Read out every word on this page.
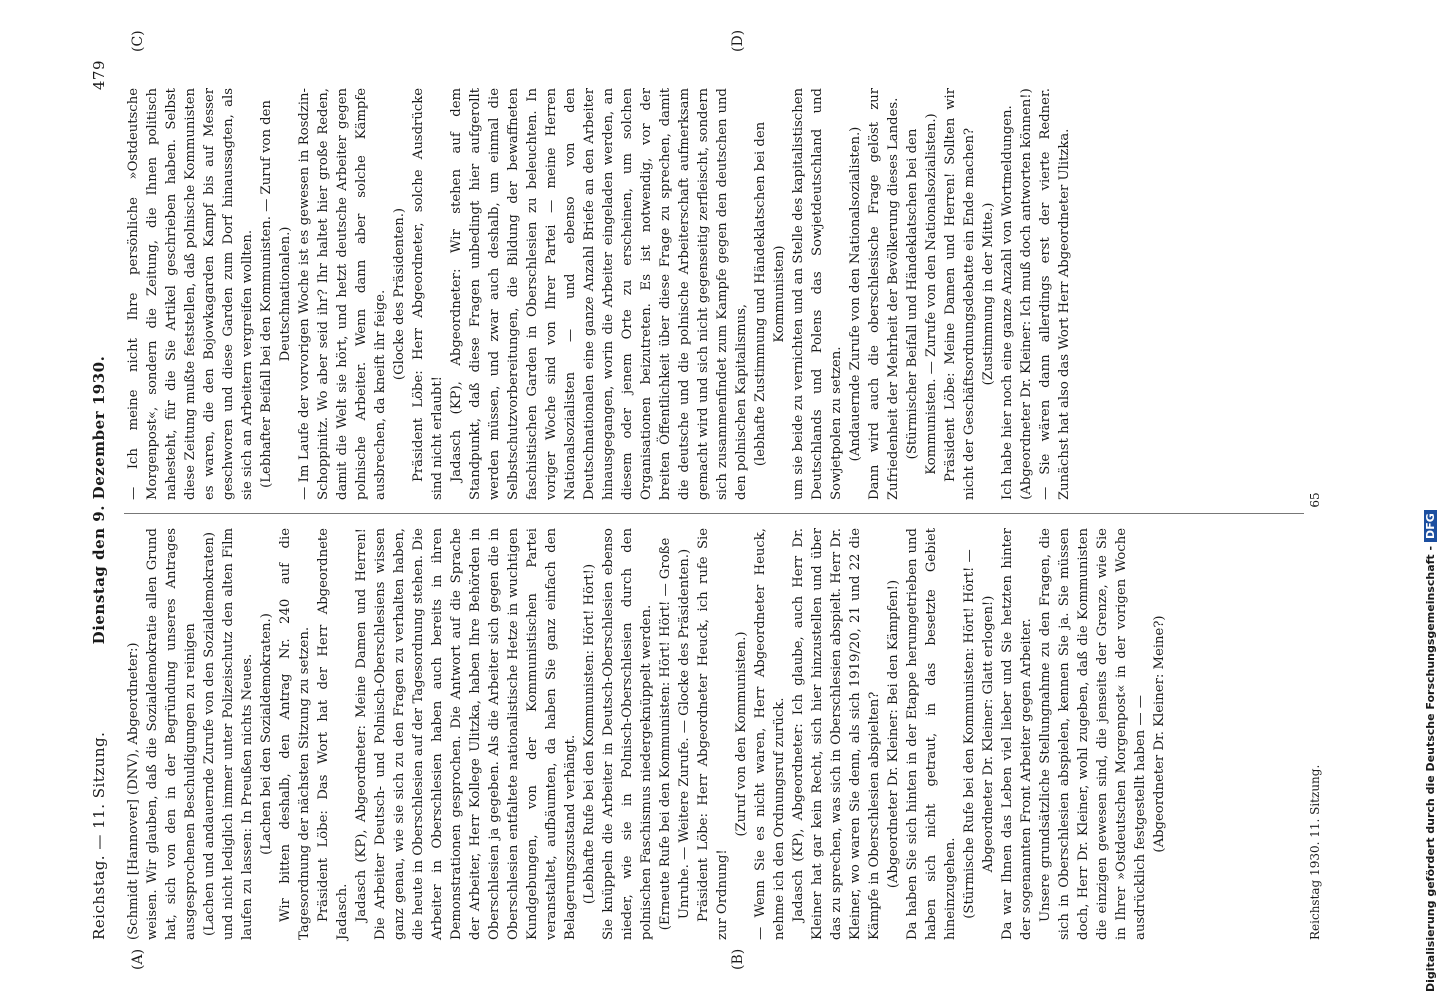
Reichstag. — 11. Sitzung.
Dienstag den 9. Dezember 1930.
479

(Schmidt [Hannover] (DNV), Abgeordneter:) weisen. Wir glauben, daß die Sozialdemokratie allen Grund hat, sich von den in der Begründung unseres Antrages ausgesprochenen Beschuldigungen zu reinigen (Lachen und andauernde Zurufe von den Sozialdemokraten) und nicht lediglich immer unter Polizeischutz den alten Film laufen zu lassen: In Preußen nichts Neues. (Lachen bei den Sozialdemokraten.) Wir bitten deshalb, den Antrag Nr. 240 auf die Tagesordnung der nächsten Sitzung zu setzen. Präsident Löbe: Das Wort hat der Herr Abgeordnete Jadasch. Jadasch (KP), Abgeordneter: Meine Damen und Herren! Die Arbeiter Deutsch- und Polnisch-Oberschlesiens wissen ganz genau, wie sie sich zu den Fragen zu verhalten haben, die heute in Oberschlesien auf der Tagesordnung stehen. Die Arbeiter in Oberschlesien haben auch bereits in ihren Demonstrationen gesprochen. Die Antwort auf die Sprache der Arbeiter, Herr Kollege Ulitzka, haben Ihre Behörden in Oberschlesien ja gegeben. Als die Arbeiter sich gegen die in Oberschlesien entfaltete nationalistische Hetze in wuchtigen Kundgebungen, von der Kommunistischen Partei veranstaltet, aufbäumten, da haben Sie ganz einfach den Belagerungszustand verhängt. (Lebhafte Rufe bei den Kommunisten: Hört! Hört!) Sie knüppeln die Arbeiter in Deutsch-Oberschlesien ebenso nieder, wie sie in Polnisch-Oberschlesien durch den polnischen Faschismus niedergeknüppelt werden. (Erneute Rufe bei den Kommunisten: Hört! Hört! — Große Unruhe. — Weitere Zurufe. — Glocke des Präsidenten.) Präsident Löbe: Herr Abgeordneter Heuck, ich rufe Sie zur Ordnung!

(Zuruf von den Kommunisten.) — Wenn Sie es nicht waren, Herr Abgeordneter Heuck, nehme ich den Ordnungsruf zurück. Jadasch (KP), Abgeordneter: Ich glaube, auch Herr Dr. Kleiner hat gar kein Recht, sich hier hinzustellen und über das zu sprechen, was sich in Oberschlesien abspielt. Herr Dr. Kleiner, wo waren Sie denn, als sich 1919/20, 21 und 22 die Kämpfe in Oberschlesien abspielten? (Abgeordneter Dr. Kleiner: Bei den Kämpfen!) Da haben Sie sich hinten in der Etappe herumgetrieben und haben sich nicht getraut, in das besetzte Gebiet hineinzugehen. (Stürmische Rufe bei den Kommunisten: Hört! Hört! — Abgeordneter Dr. Kleiner: Glatt erlogen!) Da war Ihnen das Leben viel lieber und Sie hetzten hinter der sogenannten Front Arbeiter gegen Arbeiter. Unsere grundsätzliche Stellungnahme zu den Fragen, die sich in Oberschlesien abspielen, kennen Sie ja. Sie müssen doch, Herr Dr. Kleiner, wohl zugeben, daß die Kommunisten die einzigen gewesen sind, die jenseits der Grenze, wie Sie in Ihrer »Ostdeutschen Morgenpost« in der vorigen Woche ausdrücklich festgestellt haben — — (Abgeordneter Dr. Kleiner: Meine?)

— Ich meine nicht Ihre persönliche »Ostdeutsche Morgenpost«, sondern die Zeitung, die Ihnen politisch nahesteht, für die Sie Artikel geschrieben haben. Selbst diese Zeitung mußte feststellen, daß polnische Kommunisten es waren, die den Bojowkagarden Kampf bis auf Messer geschworen und diese Garden zum Dorf hinaussagten, als sie sich an Arbeitern vergreifen wollten. (Lebhafter Beifall bei den Kommunisten. — Zuruf von den Deutschnationalen.) — Im Laufe der vorvorigen Woche ist es gewesen in Rosdzin-Schoppinitz. Wo aber seid ihr? Ihr haltet hier große Reden, damit die Welt sie hört, und hetzt deutsche Arbeiter gegen polnische Arbeiter. Wenn dann aber solche Kämpfe ausbrechen, da kneift ihr feige. (Glocke des Präsidenten.) Präsident Löbe: Herr Abgeordneter, solche Ausdrücke sind nicht erlaubt! Jadasch (KP), Abgeordneter: Wir stehen auf dem Standpunkt, daß diese Fragen unbedingt hier aufgerollt werden müssen, und zwar auch deshalb, um einmal die Selbstschutzvorbereitungen, die Bildung der bewaffneten faschistischen Garden in Oberschlesien zu beleuchten. In voriger Woche sind von Ihrer Partei — meine Herren Nationalsozialisten — und ebenso von den Deutschnationalen eine ganze Anzahl Briefe an den Arbeiter hinausgegangen, worin die Arbeiter eingeladen werden, an diesem oder jenem Orte zu erscheinen, um solchen Organisationen beizutreten. Es ist notwendig, vor der breiten Öffentlichkeit über diese Frage zu sprechen, damit die deutsche und die polnische Arbeiterschaft aufmerksam gemacht wird und sich nicht gegenseitig zerfleischt, sondern sich zusammenfindet zum Kampfe gegen den deutschen und den polnischen Kapitalismus, (lebhafte Zustimmung und Händeklatschen bei den Kommunisten) um sie beide zu vernichten und an Stelle des kapitalistischen Deutschlands und Polens das Sowjetdeutschland und Sowjetpolen zu setzen. (Andauernde Zurufe von den Nationalsozialisten.) Dann wird auch die oberschlesische Frage gelöst zur Zufriedenheit der Mehrheit der Bevölkerung dieses Landes. (Stürmischer Beifall und Händeklatschen bei den Kommunisten. — Zurufe von den Nationalsozialisten.) Präsident Löbe: Meine Damen und Herren! Sollten wir nicht der Geschäftsordnungsdebatte ein Ende machen? (Zustimmung in der Mitte.) Ich habe hier noch eine ganze Anzahl von Wortmeldungen. (Abgeordneter Dr. Kleiner: Ich muß doch antworten können!) — Sie wären dann allerdings erst der vierte Redner. Zunächst hat also das Wort Herr Abgeordneter Ulitzka.

(A)	(B)
(C)	(D)
Reichstag 1930. 11. Sitzung.
65
Digitalisierung gefördert durch die Deutsche Forschungsgemeinschaft -DFG
